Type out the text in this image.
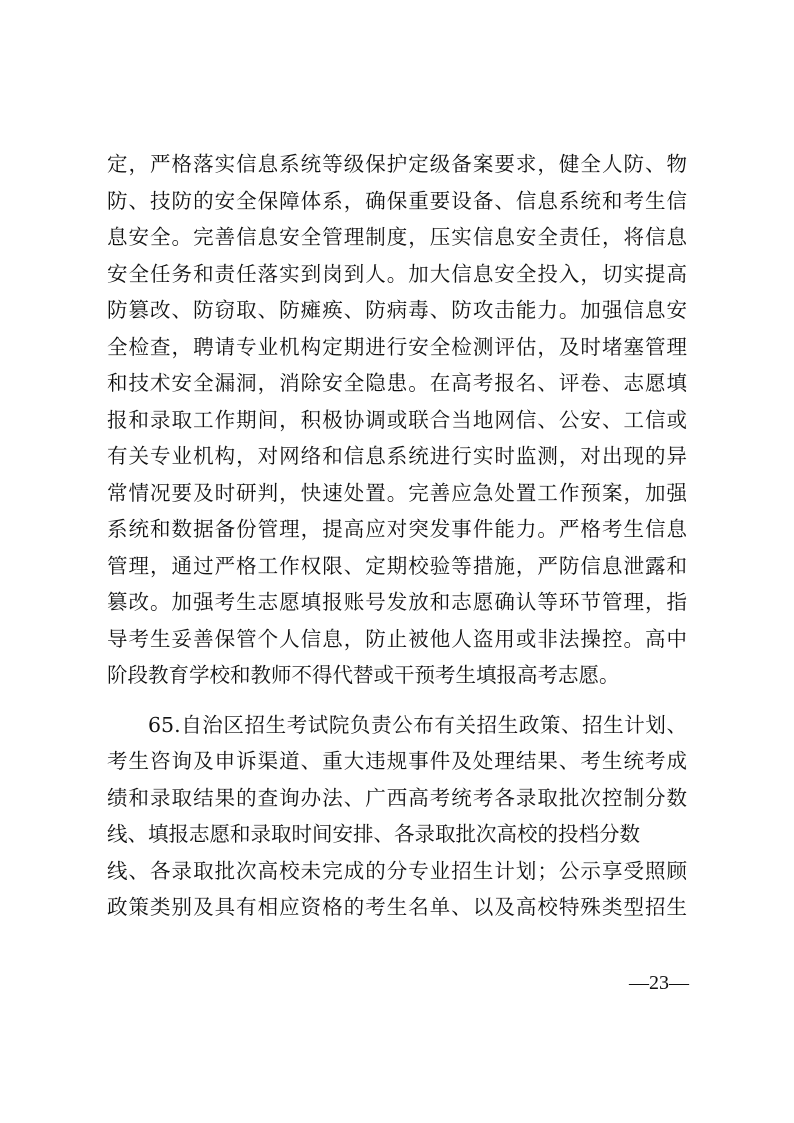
定，严格落实信息系统等级保护定级备案要求，健全人防、物
防、技防的安全保障体系，确保重要设备、信息系统和考生信
息安全。完善信息安全管理制度，压实信息安全责任，将信息
安全任务和责任落实到岗到人。加大信息安全投入，切实提高
防篡改、防窃取、防瘫痪、防病毒、防攻击能力。加强信息安
全检查，聘请专业机构定期进行安全检测评估，及时堵塞管理
和技术安全漏洞，消除安全隐患。在高考报名、评卷、志愿填
报和录取工作期间，积极协调或联合当地网信、公安、工信或
有关专业机构，对网络和信息系统进行实时监测，对出现的异
常情况要及时研判，快速处置。完善应急处置工作预案，加强
系统和数据备份管理，提高应对突发事件能力。严格考生信息
管理，通过严格工作权限、定期校验等措施，严防信息泄露和
篡改。加强考生志愿填报账号发放和志愿确认等环节管理，指
导考生妥善保管个人信息，防止被他人盗用或非法操控。高中
阶段教育学校和教师不得代替或干预考生填报高考志愿。
65.自治区招生考试院负责公布有关招生政策、招生计划、
考生咨询及申诉渠道、重大违规事件及处理结果、考生统考成
绩和录取结果的查询办法、广西高考统考各录取批次控制分数
线、填报志愿和录取时间安排、各录取批次高校的投档分数
线、各录取批次高校未完成的分专业招生计划；公示享受照顾
政策类别及具有相应资格的考生名单、以及高校特殊类型招生
—23—
